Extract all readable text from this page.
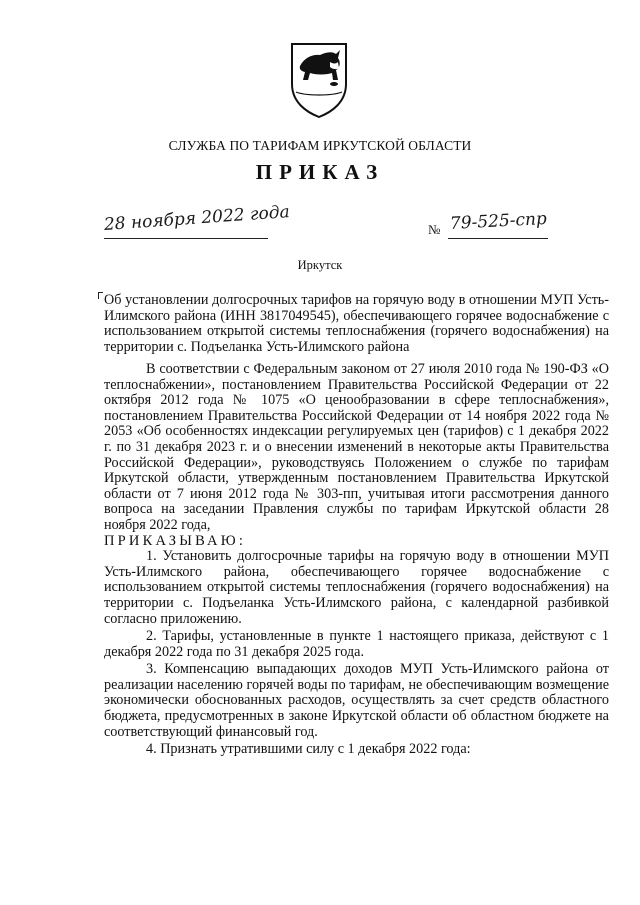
СЛУЖБА ПО ТАРИФАМ ИРКУТСКОЙ ОБЛАСТИ
ПРИКАЗ
28 ноября 2022 года	№ 79-525-спр
Иркутск
Об установлении долгосрочных тарифов на горячую воду в отношении МУП Усть-Илимского района (ИНН 3817049545), обеспечивающего горячее водоснабжение с использованием открытой системы теплоснабжения (горячего водоснабжения) на территории с. Подъеланка Усть-Илимского района

В соответствии с Федеральным законом от 27 июля 2010 года № 190-ФЗ «О теплоснабжении», постановлением Правительства Российской Федерации от 22 октября 2012 года № 1075 «О ценообразовании в сфере теплоснабжения», постановлением Правительства Российской Федерации от 14 ноября 2022 года № 2053 «Об особенностях индексации регулируемых цен (тарифов) с 1 декабря 2022 г. по 31 декабря 2023 г. и о внесении изменений в некоторые акты Правительства Российской Федерации», руководствуясь Положением о службе по тарифам Иркутской области, утвержденным постановлением Правительства Иркутской области от 7 июня 2012 года № 303-пп, учитывая итоги рассмотрения данного вопроса на заседании Правления службы по тарифам Иркутской области 28 ноября 2022 года,

ПРИКАЗЫВАЮ:

1. Установить долгосрочные тарифы на горячую воду в отношении МУП Усть-Илимского района, обеспечивающего горячее водоснабжение с использованием открытой системы теплоснабжения (горячего водоснабжения) на территории с. Подъеланка Усть-Илимского района, с календарной разбивкой согласно приложению.

2. Тарифы, установленные в пункте 1 настоящего приказа, действуют с 1 декабря 2022 года по 31 декабря 2025 года.

3. Компенсацию выпадающих доходов МУП Усть-Илимского района от реализации населению горячей воды по тарифам, не обеспечивающим возмещение экономически обоснованных расходов, осуществлять за счет средств областного бюджета, предусмотренных в законе Иркутской области об областном бюджете на соответствующий финансовый год.

4. Признать утратившими силу с 1 декабря 2022 года:
